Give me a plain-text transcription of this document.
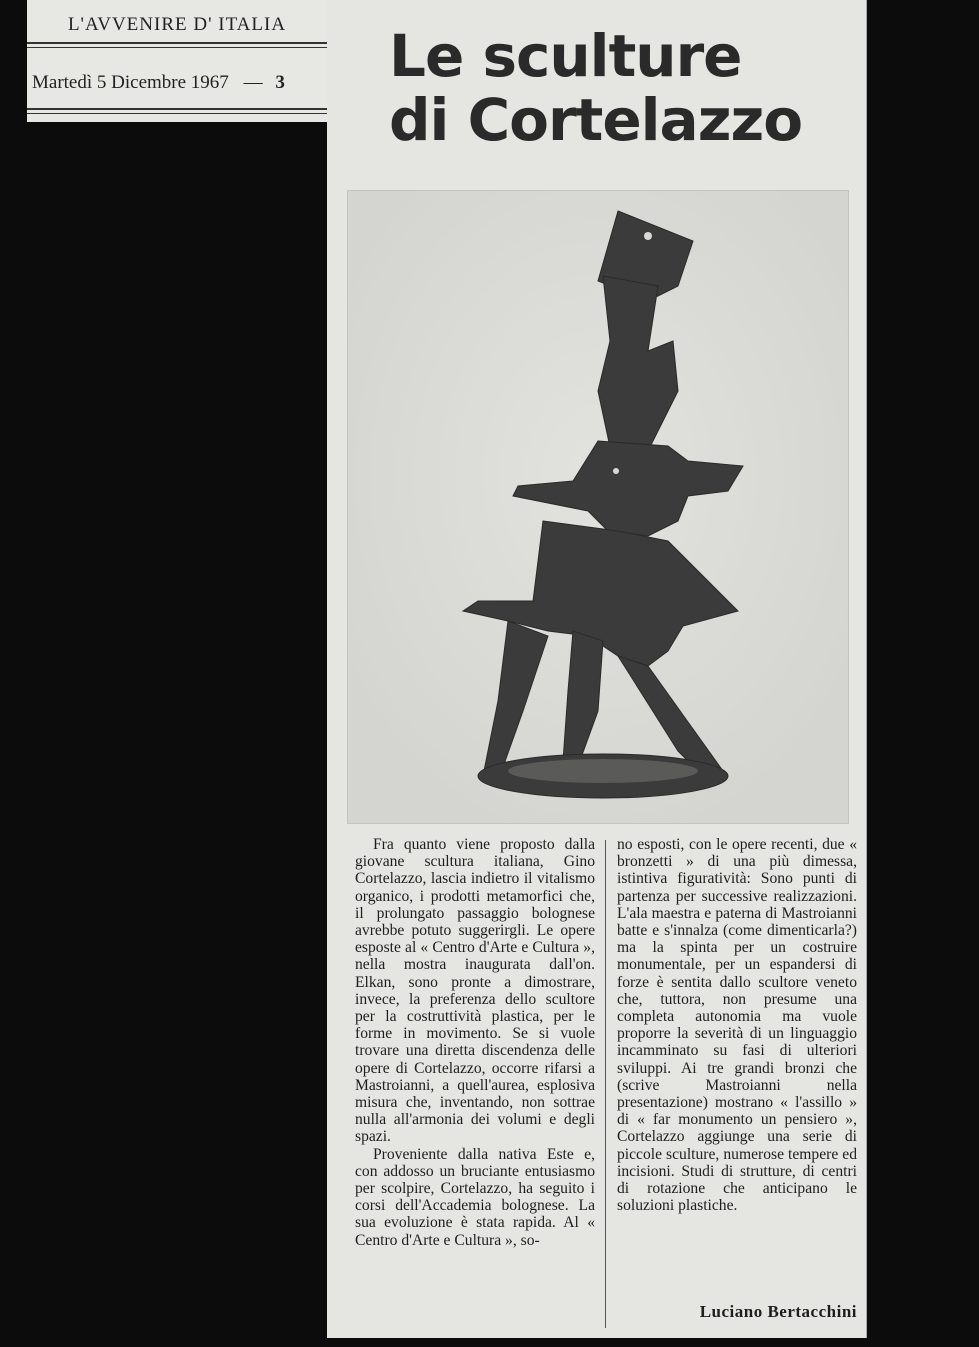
L'AVVENIRE D' ITALIA
Martedì 5 Dicembre 1967 — 3 Le sculture
di Cortelazzo

Fra quanto viene proposto dalla giovane scultura italiana, Gino Cortelazzo, lascia indietro il vitalismo organico, i prodotti metamorfici che, il prolungato passaggio bolognese avrebbe potuto suggerirgli. Le opere esposte al « Centro d'Arte e Cultura », nella mostra inaugurata dall'on. Elkan, sono pronte a dimostrare, invece, la preferenza dello scultore per la costruttività plastica, per le forme in movimento. Se si vuole trovare una diretta discendenza delle opere di Cortelazzo, occorre rifarsi a Mastroianni, a quell'aurea, esplosiva misura che, inventando, non sottrae nulla all'armonia dei volumi e degli spazi.

Proveniente dalla nativa Este e, con addosso un bruciante entusiasmo per scolpire, Cortelazzo, ha seguito i corsi dell'Accademia bolognese. La sua evoluzione è stata rapida. Al « Centro d'Arte e Cultura », so-

no esposti, con le opere recenti, due « bronzetti » di una più dimessa, istintiva figuratività: Sono punti di partenza per successive realizzazioni. L'ala maestra e paterna di Mastroianni batte e s'innalza (come dimenticarla?) ma la spinta per un costruire monumentale, per un espandersi di forze è sentita dallo scultore veneto che, tuttora, non presume una completa autonomia ma vuole proporre la severità di un linguaggio incamminato su fasi di ulteriori sviluppi. Ai tre grandi bronzi che (scrive Mastroianni nella presentazione) mostrano « l'assillo » di « far monumento un pensiero », Cortelazzo aggiunge una serie di piccole sculture, numerose tempere ed incisioni. Studi di strutture, di centri di rotazione che anticipano le soluzioni plastiche.

Luciano Bertacchini
